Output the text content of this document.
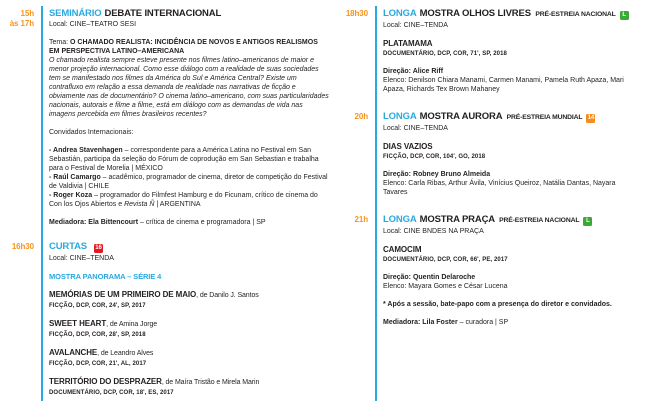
15h
às 17h
SEMINÁRIO DEBATE INTERNACIONAL
Local: CINE–TEATRO SESI
Tema: O CHAMADO REALISTA: INCIDÊNCIA DE NOVOS E ANTIGOS REALISMOS EM PERSPECTIVA LATINO–AMERICANA
O chamado realista sempre esteve presente nos filmes latino–americanos de maior e menor projeção internacional. Como esse diálogo com a realidade de suas sociedades tem se manifestado nos filmes da América do Sul e América Central? Existe um contrafluxo em relação a essa demanda de realidade nas narrativas de ficção e obviamente nas de documentário? O cinema latino–americano, com suas particularidades nacionais, autorais e filme a filme, está em diálogo com as demandas de vida nas imagens percebida em filmes brasileiros recentes?
Convidados Internacionais:
- Andrea Stavenhagen – correspondente para a América Latina no Festival em San Sebastián, participa da seleção do Fórum de coprodução em San Sebastian e trabalha para o Festival de Morelia | MÉXICO
- Raúl Camargo – acadêmico, programador de cinema, diretor de competição do Festival de Valdivia | CHILE
- Roger Koza – programador do Filmfest Hamburg e do Ficunam, crítico de cinema do Con los Ojos Abiertos e Revista Ñ | ARGENTINA
Mediadora: Ela Bittencourt – crítica de cinema e programadora | SP
16h30 CURTAS 16
Local: CINE–TENDA
MOSTRA PANORAMA – SÉRIE 4
MEMÓRIAS DE UM PRIMEIRO DE MAIO, de Danilo J. Santos
FICÇÃO, DCP, COR, 24', SP, 2017
SWEET HEART, de Amina Jorge
FICÇÃO, DCP, COR, 28', SP, 2018
AVALANCHE, de Leandro Alves
FICÇÃO, DCP, COR, 21', AL, 2017
TERRITÓRIO DO DESPRAZER, de Maíra Tristão e Mirela Marin
DOCUMENTÁRIO, DCP, COR, 18', ES, 2017
18h30 LONGA MOSTRA OLHOS LIVRES PRÉ-ESTREIA NACIONAL L
Local: CINE–TENDA
PLATAMAMA
DOCUMENTÁRIO, DCP, COR, 71', SP, 2018
Direção: Alice Riff
Elenco: Denilson Chiara Manami, Carmen Manami, Pamela Ruth Apaza, Mari Apaza, Richards Tex Brown Mahaney
20h LONGA MOSTRA AURORA PRÉ-ESTREIA MUNDIAL 14
Local: CINE–TENDA
DIAS VAZIOS
FICÇÃO, DCP, COR, 104', GO, 2018
Direção: Robney Bruno Almeida
Elenco: Carla Ribas, Arthur Ávila, Vinícius Queiroz, Natália Dantas, Nayara Tavares
21h LONGA MOSTRA PRAÇA PRÉ-ESTREIA NACIONAL L
Local: CINE BNDES NA PRAÇA
CAMOCIM
DOCUMENTÁRIO, DCP, COR, 66', PE, 2017
Direção: Quentin Delaroche
Elenco: Mayara Gomes e César Lucena
* Após a sessão, bate-papo com a presença do diretor e convidados.
Mediadora: Lila Foster – curadora | SP
